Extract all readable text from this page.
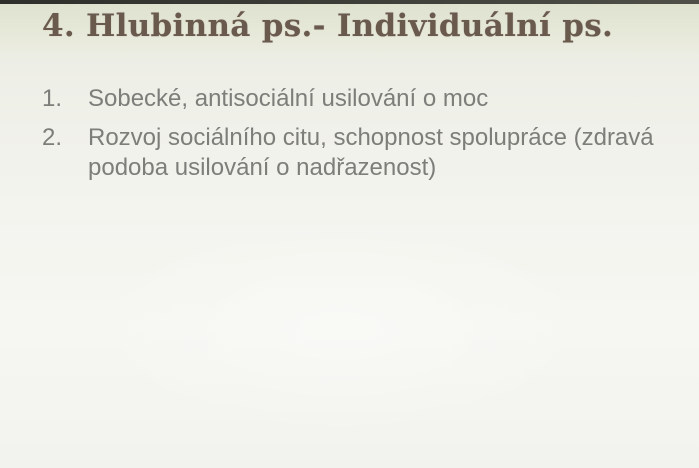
4. Hlubinná ps.- Individuální ps.
1. Sobecké, antisociální usilování o moc
2. Rozvoj sociálního citu, schopnost spolupráce (zdravá podoba usilování o nadřazenost)
